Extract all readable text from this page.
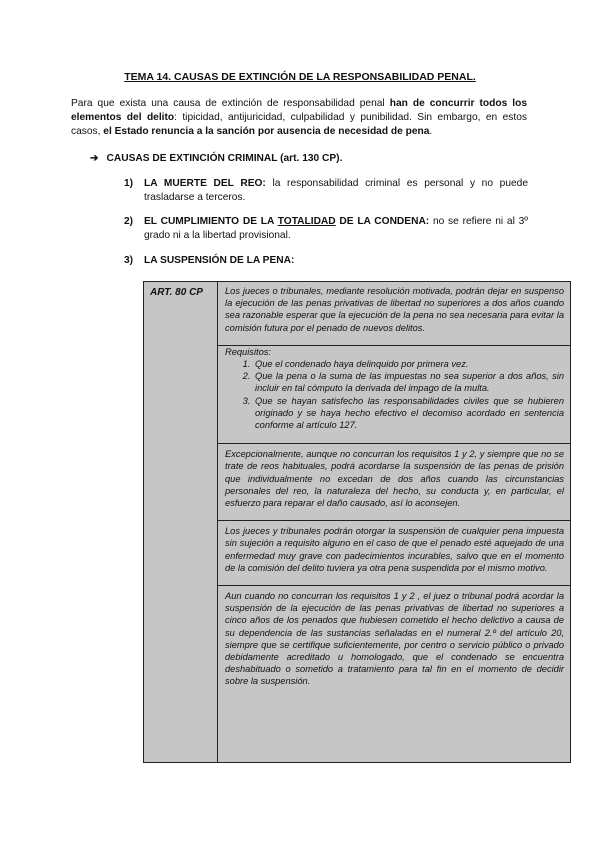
TEMA 14. CAUSAS DE EXTINCIÓN DE LA RESPONSABILIDAD PENAL.
Para que exista una causa de extinción de responsabilidad penal han de concurrir todos los elementos del delito: tipicidad, antijuricidad, culpabilidad y punibilidad. Sin embargo, en estos casos, el Estado renuncia a la sanción por ausencia de necesidad de pena.
➔ CAUSAS DE EXTINCIÓN CRIMINAL (art. 130 CP).
1) LA MUERTE DEL REO: la responsabilidad criminal es personal y no puede trasladarse a terceros.
2) EL CUMPLIMIENTO DE LA TOTALIDAD DE LA CONDENA: no se refiere ni al 3º grado ni a la libertad provisional.
3) LA SUSPENSIÓN DE LA PENA:
ART. 80 CP	Los jueces o tribunales, mediante resolución motivada, podrán dejar en suspenso la ejecución de las penas privativas de libertad no superiores a dos años cuando sea razonable esperar que la ejecución de la pena no sea necesaria para evitar la comisión futura por el penado de nuevos delitos.

Requisitos:

1. Que el condenado haya delinquido por primera vez.
2. Que la pena o la suma de las impuestas no sea superior a dos años, sin incluir en tal cómputo la derivada del impago de la multa.
3. Que se hayan satisfecho las responsabilidades civiles que se hubieren originado y se haya hecho efectivo el decomiso acordado en sentencia conforme al artículo 127.

Excepcionalmente, aunque no concurran los requisitos 1 y 2, y siempre que no se trate de reos habituales, podrá acordarse la suspensión de las penas de prisión que individualmente no excedan de dos años cuando las circunstancias personales del reo, la naturaleza del hecho, su conducta y, en particular, el esfuerzo para reparar el daño causado, así lo aconsejen.

Los jueces y tribunales podrán otorgar la suspensión de cualquier pena impuesta sin sujeción a requisito alguno en el caso de que el penado esté aquejado de una enfermedad muy grave con padecimientos incurables, salvo que en el momento de la comisión del delito tuviera ya otra pena suspendida por el mismo motivo.

Aun cuando no concurran los requisitos 1 y 2 , el juez o tribunal podrá acordar la suspensión de la ejecución de las penas privativas de libertad no superiores a cinco años de los penados que hubiesen cometido el hecho delictivo a causa de su dependencia de las sustancias señaladas en el numeral 2.º del artículo 20, siempre que se certifique suficientemente, por centro o servicio público o privado debidamente acreditado u homologado, que el condenado se encuentra deshabituado o sometido a tratamiento para tal fin en el momento de decidir sobre la suspensión.
